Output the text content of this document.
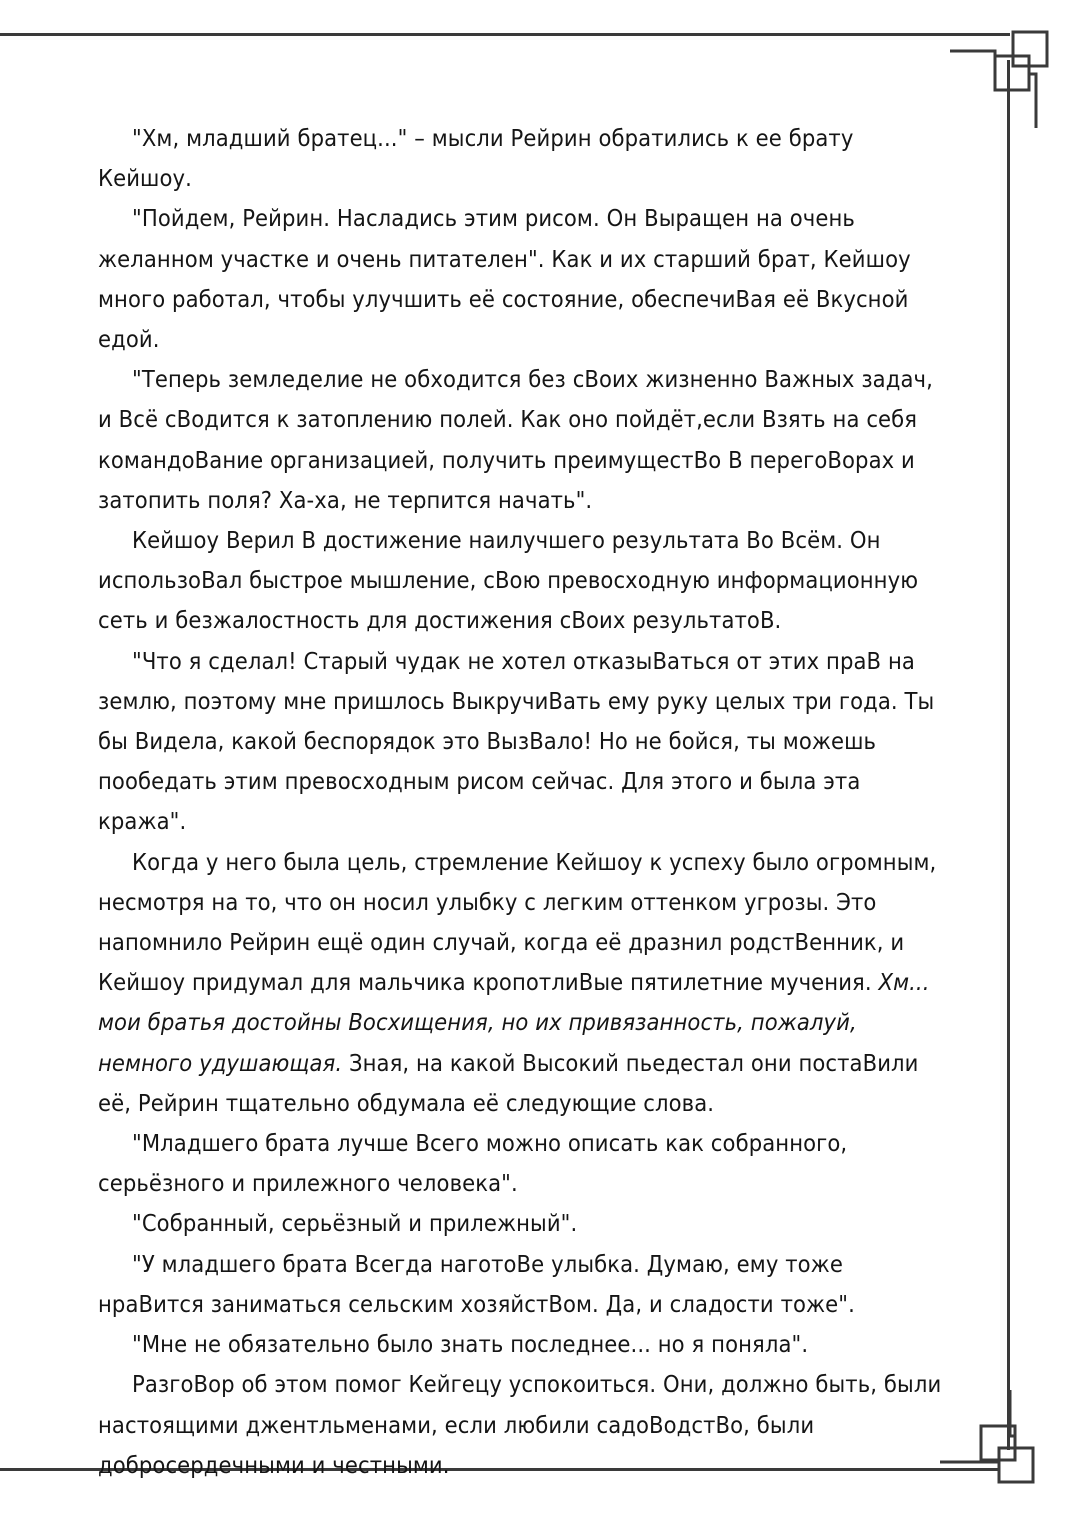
"Хм, младший братец..." – мысли Рейрин обратились к ее брату Кейшоу.

"Пойдем, Рейрин. Насладись этим рисом. Он Выращен на очень желанном участке и очень питателен". Как и их старший брат, Кейшоу много работал, чтобы улучшить её состояние, обеспечиВая её Вкусной едой.

"Теперь земледелие не обходится без сВоих жизненно Важных задач, и Всё сВодится к затоплению полей. Как оно пойдёт,если Взять на себя командоВание организацией, получить преимущестВо В перегоВорах и затопить поля? Ха-ха, не терпится начать".

Кейшоу Верил В достижение наилучшего результата Во Всём. Он использоВал быстрое мышление, сВою превосходную информационную сеть и безжалостность для достижения сВоих результатоВ.

"Что я сделал! Старый чудак не хотел отказыВаться от этих праВ на землю, поэтому мне пришлось ВыкручиВать ему руку целых три года. Ты бы Видела, какой беспорядок это ВызВало! Но не бойся, ты можешь пообедать этим превосходным рисом сейчас. Для этого и была эта кража".

Когда у него была цель, стремление Кейшоу к успеху было огромным, несмотря на то, что он носил улыбку с легким оттенком угрозы. Это напомнило Рейрин ещё один случай, когда её дразнил родстВенник, и Кейшоу придумал для мальчика кропотлиВые пятилетние мучения. Хм... мои братья достойны Восхищения, но их привязанность, пожалуй, немного удушающая. Зная, на какой Высокий пьедестал они постаВили её, Рейрин тщательно обдумала её следующие слова.

"Младшего брата лучше Всего можно описать как собранного, серьёзного и прилежного человека".

"Собранный, серьёзный и прилежный".

"У младшего брата Всегда наготоВе улыбка. Думаю, ему тоже нраВится заниматься сельским хозяйстВом. Да, и сладости тоже".

"Мне не обязательно было знать последнее... но я поняла".

РазгоВор об этом помог Кейгецу успокоиться. Они, должно быть, были настоящими джентльменами, если любили садоВодстВо, были добросердечными и честными.
